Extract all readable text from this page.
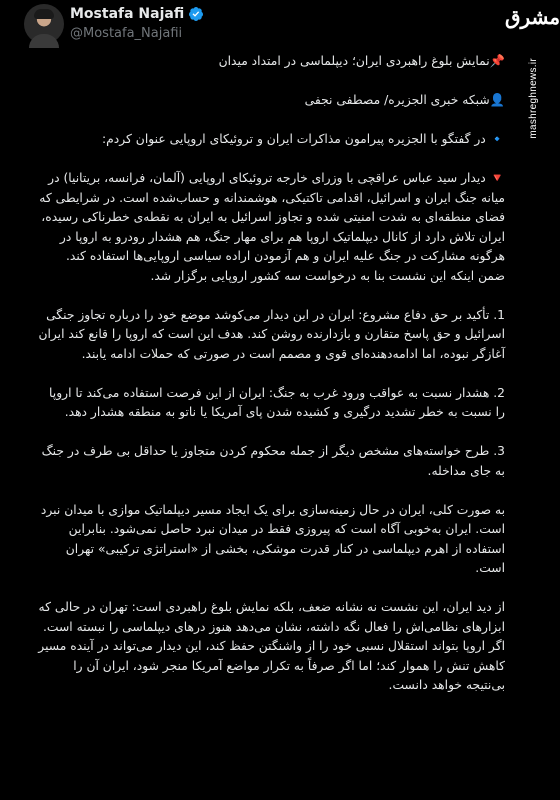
Mostafa Najafi
@Mostafa_Najafii
مشرق
mashreghnews.ir

📌نمایش بلوغ راهبردی ایران؛ دیپلماسی در امتداد میدان

👤شبکه خبری الجزیره/ مصطفی نجفی

🔹 در گفتگو با الجزیره پیرامون مذاکرات ایران و تروئیکای اروپایی عنوان کردم:

🔻 دیدار سید عباس عراقچی با وزرای خارجه تروئیکای اروپایی (آلمان، فرانسه، بریتانیا) در میانه جنگ ایران و اسرائیل، اقدامی تاکتیکی، هوشمندانه و حساب‌شده است. در شرایطی که فضای منطقه‌ای به شدت امنیتی شده و تجاوز اسرائیل به ایران به نقطه‌ی خطرناکی رسیده، ایران تلاش دارد از کانال دیپلماتیک اروپا هم برای مهار جنگ، هم هشدار رودرو به اروپا در هرگونه مشارکت در جنگ علیه ایران و هم آزمودن اراده سیاسی اروپایی‌ها استفاده کند. ضمن اینکه این نشست بنا به درخواست سه کشور اروپایی برگزار شد.

1. تأکید بر حق دفاع مشروع: ایران در این دیدار می‌کوشد موضع خود را درباره تجاوز جنگی اسرائیل و حق پاسخ متقارن و بازدارنده روشن کند. هدف این است که اروپا را قانع کند ایران آغازگر نبوده، اما ادامه‌دهنده‌ای قوی و مصمم است در صورتی که حملات ادامه یابند.

2. هشدار نسبت به عواقب ورود غرب به جنگ: ایران از این فرصت استفاده می‌کند تا اروپا را نسبت به خطر تشدید درگیری و کشیده شدن پای آمریکا یا ناتو به منطقه هشدار دهد.

3. طرح خواسته‌های مشخص دیگر از جمله محکوم کردن متجاوز یا حداقل بی طرف در جنگ به جای مداخله.

به صورت کلی، ایران در حال زمینه‌سازی برای یک ایجاد مسیر دیپلماتیک موازی با میدان نبرد است. ایران به‌خوبی آگاه است که پیروزی فقط در میدان نبرد حاصل نمی‌شود. بنابراین استفاده از اهرم دیپلماسی در کنار قدرت موشکی، بخشی از «استراتژی ترکیبی» تهران است.

از دید ایران، این نشست نه نشانه ضعف، بلکه نمایش بلوغ راهبردی است: تهران در حالی که ابزارهای نظامی‌اش را فعال نگه داشته، نشان می‌دهد هنوز درهای دیپلماسی را نبسته است. اگر اروپا بتواند استقلال نسبی خود را از واشنگتن حفظ کند، این دیدار می‌تواند در آینده مسیر کاهش تنش را هموار کند؛ اما اگر صرفاً به تکرار مواضع آمریکا منجر شود، ایران آن را بی‌نتیجه خواهد دانست.
